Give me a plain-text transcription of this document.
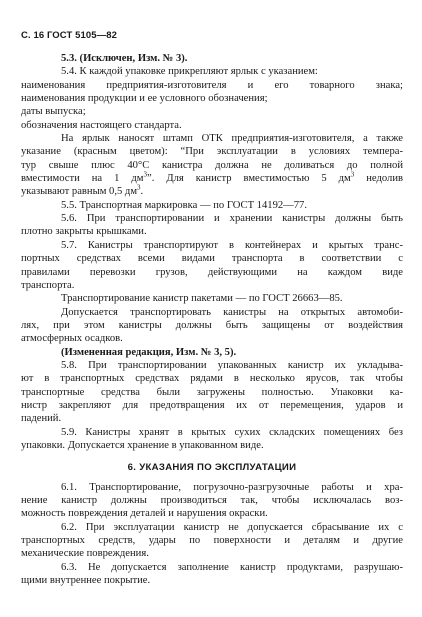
С. 16 ГОСТ 5105—82
5.3. (Исключен, Изм. № 3).
5.4. К каждой упаковке прикрепляют ярлык с указанием:
наименования предприятия-изготовителя и его товарного знака;
наименования продукции и ее условного обозначения;
даты выпуска;
обозначения настоящего стандарта.
На ярлык наносят штамп ОТК предприятия-изготовителя, а также
указание (красным цветом): “При эксплуатации в условиях темпера-
тур свыше плюс 40°С канистра должна не доливаться до полной
вместимости на 1 $дм^3$”. Для канистр вместимостью 5 $дм^3$ недолив
указывают равным 0,5 $дм^3$.
5.5. Транспортная маркировка — по ГОСТ 14192—77.
5.6. При транспортировании и хранении канистры должны быть
плотно закрыты крышками.
5.7. Канистры транспортируют в контейнерах и крытых транс-
портных средствах всеми видами транспорта в соответствии с
правилами перевозки грузов, действующими на каждом виде
транспорта.
Транспортирование канистр пакетами — по ГОСТ 26663—85.
Допускается транспортировать канистры на открытых автомоби-
лях, при этом канистры должны быть защищены от воздействия
атмосферных осадков.
(Измененная редакция, Изм. № 3, 5).
5.8. При транспортировании упакованных канистр их укладыва-
ют в транспортных средствах рядами в несколько ярусов, так чтобы
транспортные средства были загружены полностью. Упаковки ка-
нистр закрепляют для предотвращения их от перемещения, ударов и
падений.
5.9. Канистры хранят в крытых сухих складских помещениях без
упаковки. Допускается хранение в упакованном виде.
6. УКАЗАНИЯ ПО ЭКСПЛУАТАЦИИ
6.1. Транспортирование, погрузочно-разгрузочные работы и хра-
нение канистр должны производиться так, чтобы исключалась воз-
можность повреждения деталей и нарушения окраски.
6.2. При эксплуатации канистр не допускается сбрасывание их с
транспортных средств, удары по поверхности и деталям и другие
механические повреждения.
6.3. Не допускается заполнение канистр продуктами, разрушаю-
щими внутреннее покрытие.
